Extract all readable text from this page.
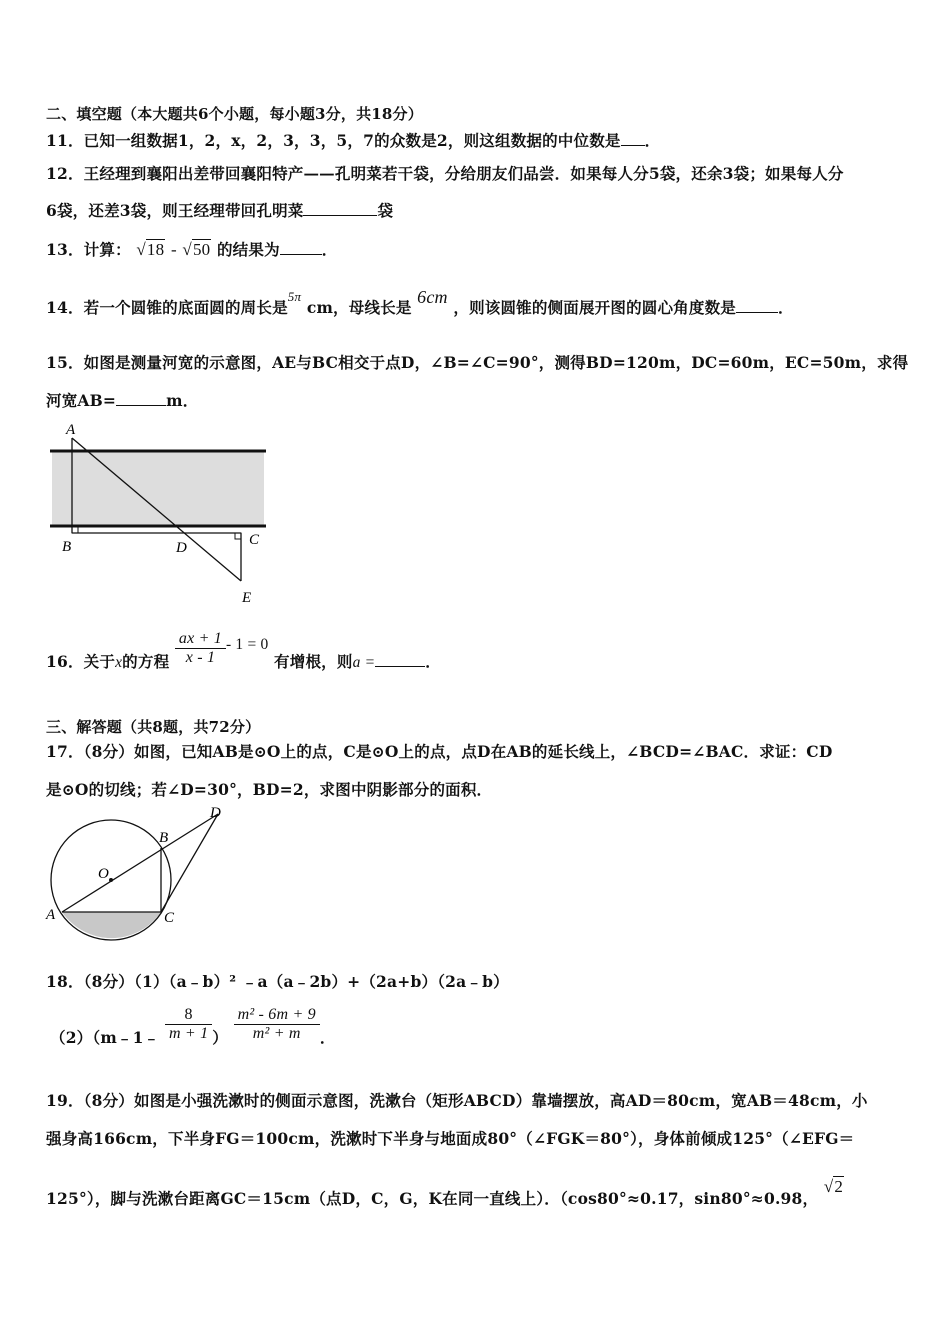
二、填空题（本大题共6个小题，每小题3分，共18分）
11．已知一组数据1，2，x，2，3，3，5，7的众数是2，则这组数据的中位数是 ．
12．王经理到襄阳出差带回襄阳特产——孔明菜若干袋，分给朋友们品尝．如果每人分5袋，还余3袋；如果每人分
6袋，还差3袋，则王经理带回孔明菜	袋
13．计算： √18 - √50 的结果为	．
14．若一个圆锥的底面圆的周长是$^{5\pi}$ cm，母线长是 6cm ，则该圆锥的侧面展开图的圆心角度数是	．
15．如图是测量河宽的示意图，AE与BC相交于点D，∠B=∠C=90°，测得BD=120m，DC=60m，EC=50m，求得
河宽AB=	m．
A
B	C
D
E
16．关于x的方程 $\frac{ax + 1}{x - 1} - 1 = 0$ 有增根，则a =	．
三、解答题（共8题，共72分）
17．（8分）如图，已知AB是⊙O上的点，C是⊙O上的点，点D在AB的延长线上，∠BCD=∠BAC．求证：CD
是⊙O的切线；若∠D=30°，BD=2，求图中阴影部分的面积．
A
B
C
D
O
18．（8分）（1）（a﹣b）² ﹣a（a﹣2b）+（2a+b）（2a﹣b）
（2）（m﹣1﹣ $\frac{8}{m + 1}$ ） $\frac{\text{m² - 6m + 9}}{\text{m² + m}}$ ．
19．（8分）如图是小强洗漱时的侧面示意图，洗漱台（矩形ABCD）靠墙摆放，高AD＝80cm，宽AB＝48cm，小
强身高166cm，下半身FG＝100cm，洗漱时下半身与地面成80°（∠FGK＝80°），身体前倾成125°（∠EFG＝
125°），脚与洗漱台距离GC＝15cm（点D，C，G，K在同一直线上）．（cos80°≈0.17，sin80°≈0.98， √2
